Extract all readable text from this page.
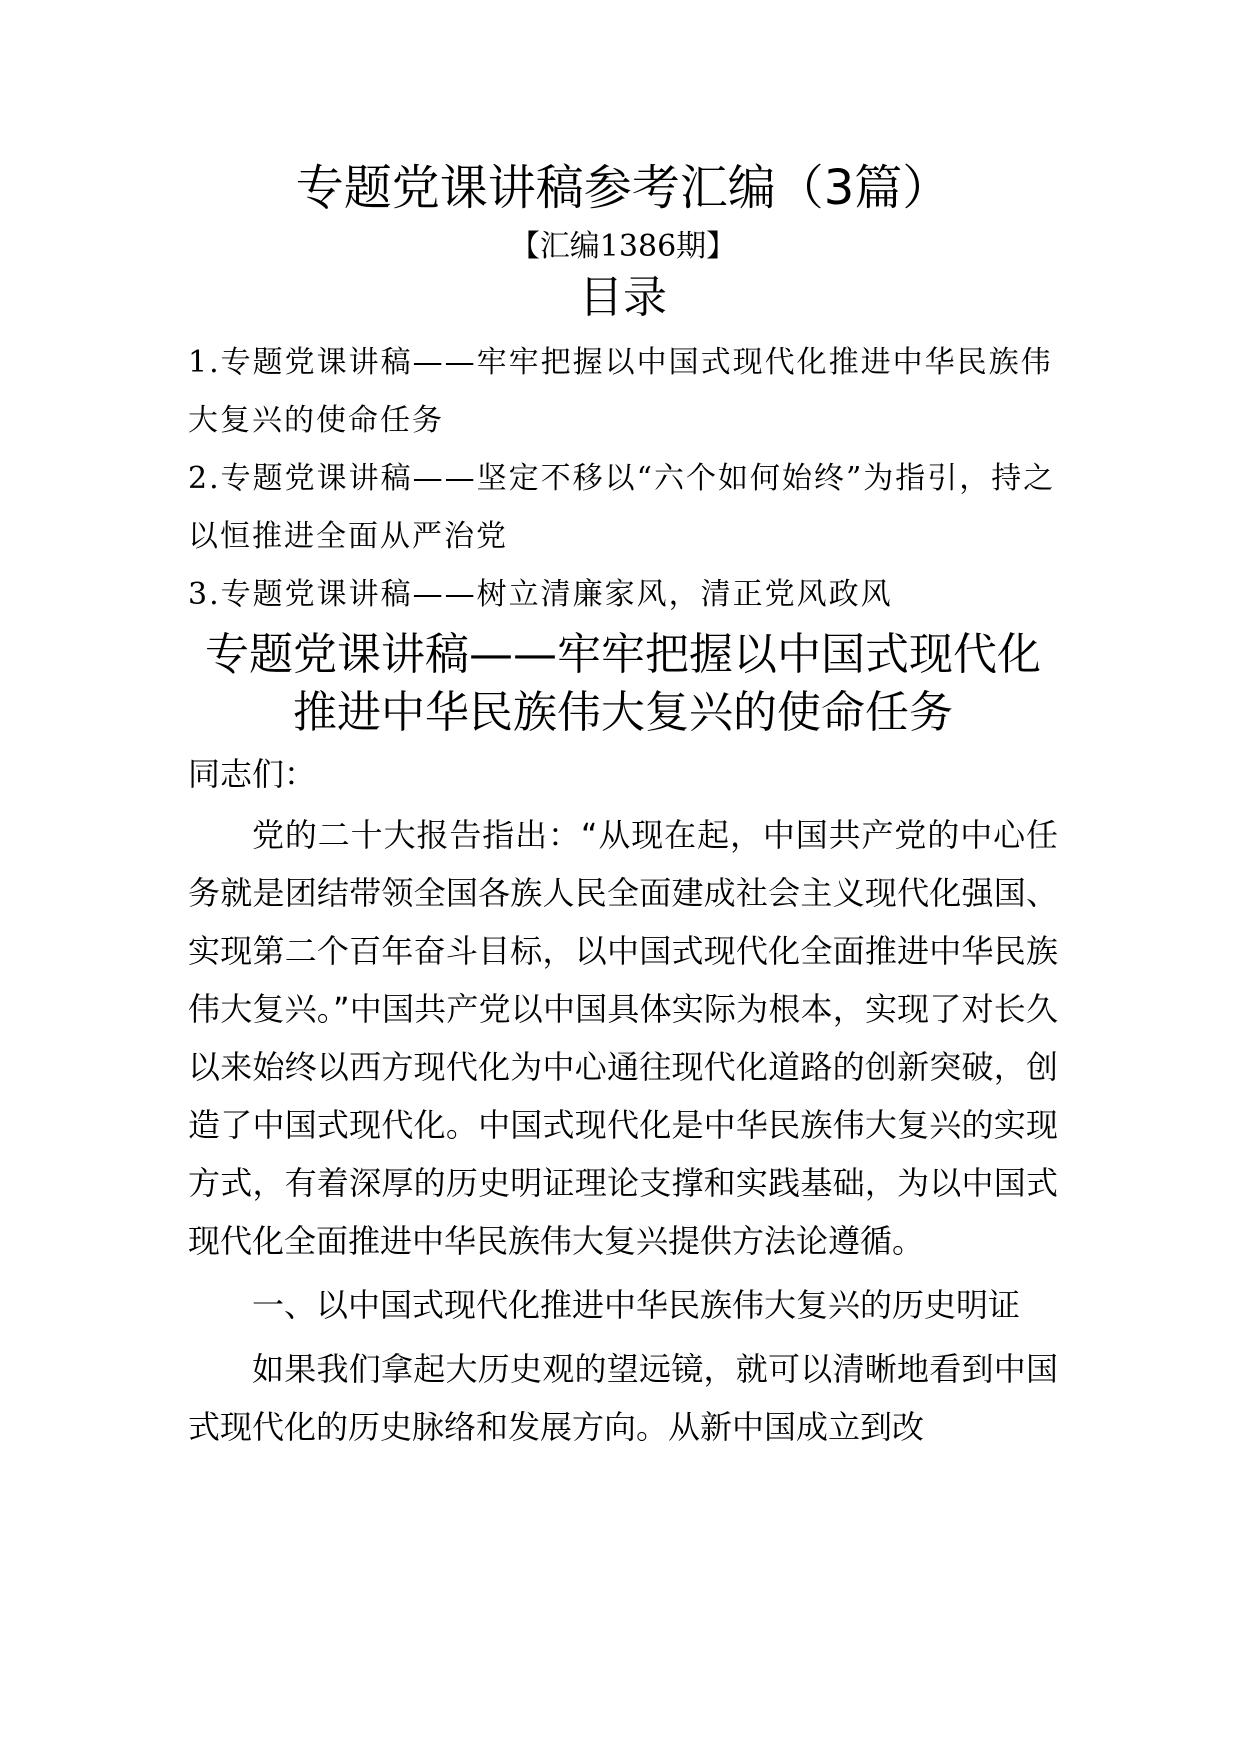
专题党课讲稿参考汇编（3篇）
【汇编1386期】
目录
1.专题党课讲稿——牢牢把握以中国式现代化推进中华民族伟大复兴的使命任务
2.专题党课讲稿——坚定不移以“六个如何始终”为指引，持之以恒推进全面从严治党
3.专题党课讲稿——树立清廉家风，清正党风政风
专题党课讲稿——牢牢把握以中国式现代化推进中华民族伟大复兴的使命任务
同志们：

党的二十大报告指出：“从现在起，中国共产党的中心任务就是团结带领全国各族人民全面建成社会主义现代化强国、实现第二个百年奋斗目标，以中国式现代化全面推进中华民族伟大复兴。”中国共产党以中国具体实际为根本，实现了对长久以来始终以西方现代化为中心通往现代化道路的创新突破，创造了中国式现代化。中国式现代化是中华民族伟大复兴的实现方式，有着深厚的历史明证理论支撑和实践基础，为以中国式现代化全面推进中华民族伟大复兴提供方法论遵循。

一、以中国式现代化推进中华民族伟大复兴的历史明证

如果我们拿起大历史观的望远镜，就可以清晰地看到中国式现代化的历史脉络和发展方向。从新中国成立到改
